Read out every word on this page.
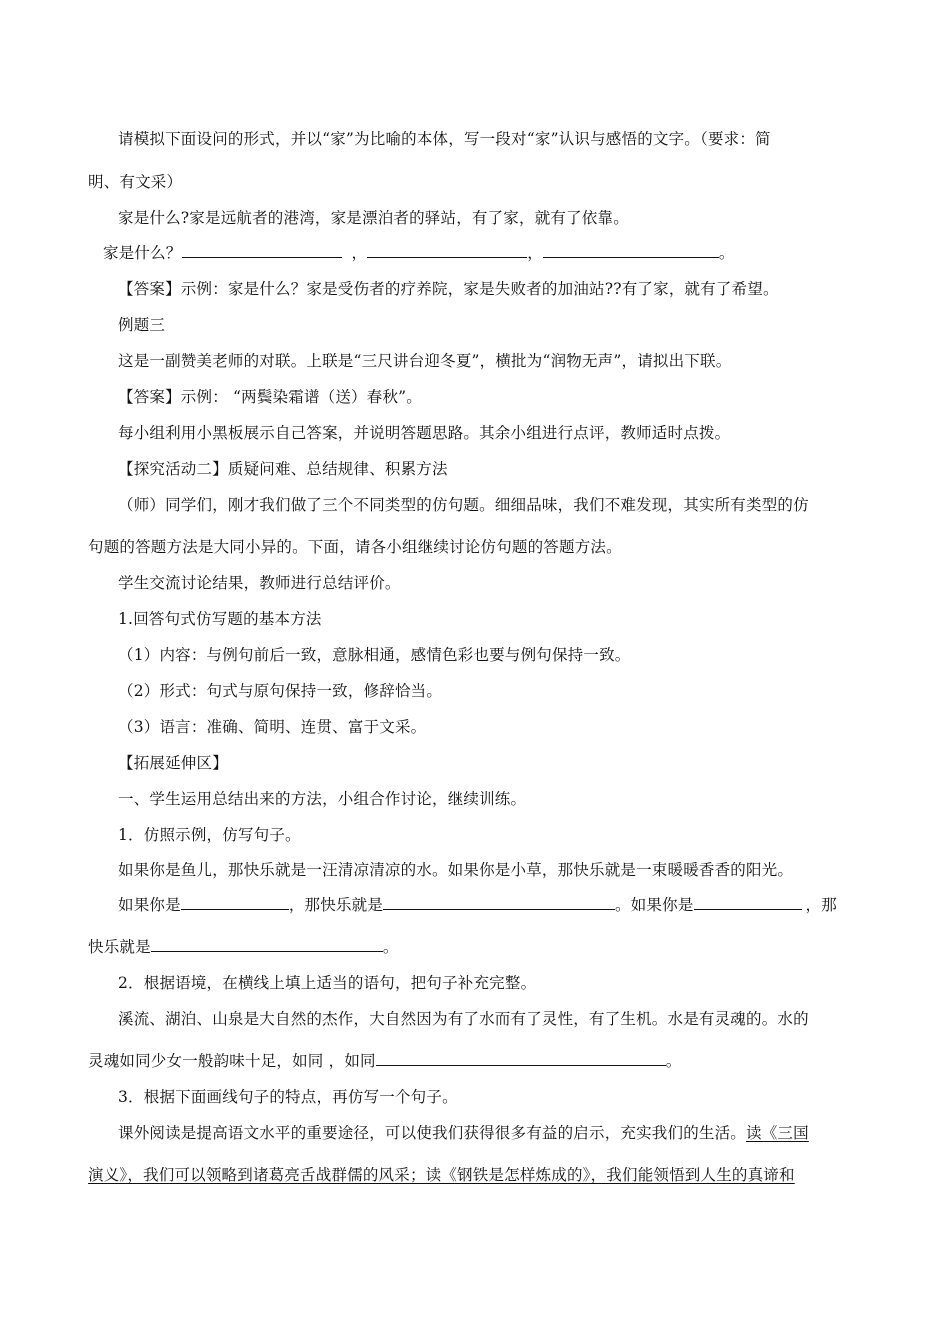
请模拟下面设问的形式，并以“家”为比喻的本体，写一段对“家”认识与感悟的文字。（要求：简
明、有文采）
家是什么?家是远航者的港湾，家是漂泊者的驿站，有了家，就有了依靠。
家是什么？	，	，	。
【答案】示例：家是什么？家是受伤者的疗养院，家是失败者的加油站??有了家，就有了希望。
例题三
这是一副赞美老师的对联。上联是“三尺讲台迎冬夏”，横批为“润物无声”，请拟出下联。
【答案】示例： “两鬓染霜谱（送）春秋”。
每小组利用小黑板展示自己答案，并说明答题思路。其余小组进行点评，教师适时点拨。
【探究活动二】质疑问难、总结规律、积累方法
（师）同学们，刚才我们做了三个不同类型的仿句题。细细品味，我们不难发现，其实所有类型的仿
句题的答题方法是大同小异的。下面，请各小组继续讨论仿句题的答题方法。
学生交流讨论结果，教师进行总结评价。
1.回答句式仿写题的基本方法
（1）内容：与例句前后一致，意脉相通，感情色彩也要与例句保持一致。
（2）形式：句式与原句保持一致，修辞恰当。
（3）语言：准确、简明、连贯、富于文采。
【拓展延伸区】
一、学生运用总结出来的方法，小组合作讨论，继续训练。
1．仿照示例，仿写句子。
如果你是鱼儿，那快乐就是一汪清凉清凉的水。如果你是小草，那快乐就是一束暖暖香香的阳光。
如果你是	，那快乐就是	。如果你是	，那
快乐就是	。
2．根据语境，在横线上填上适当的语句，把句子补充完整。
溪流、湖泊、山泉是大自然的杰作，大自然因为有了水而有了灵性，有了生机。水是有灵魂的。水的
灵魂如同少女一般韵味十足，如同 ，如同	。
3．根据下面画线句子的特点，再仿写一个句子。
课外阅读是提高语文水平的重要途径，可以使我们获得很多有益的启示，充实我们的生活。读《三国
演义》，我们可以领略到诸葛亮舌战群儒的风采；读《钢铁是怎样炼成的》，我们能领悟到人生的真谛和
